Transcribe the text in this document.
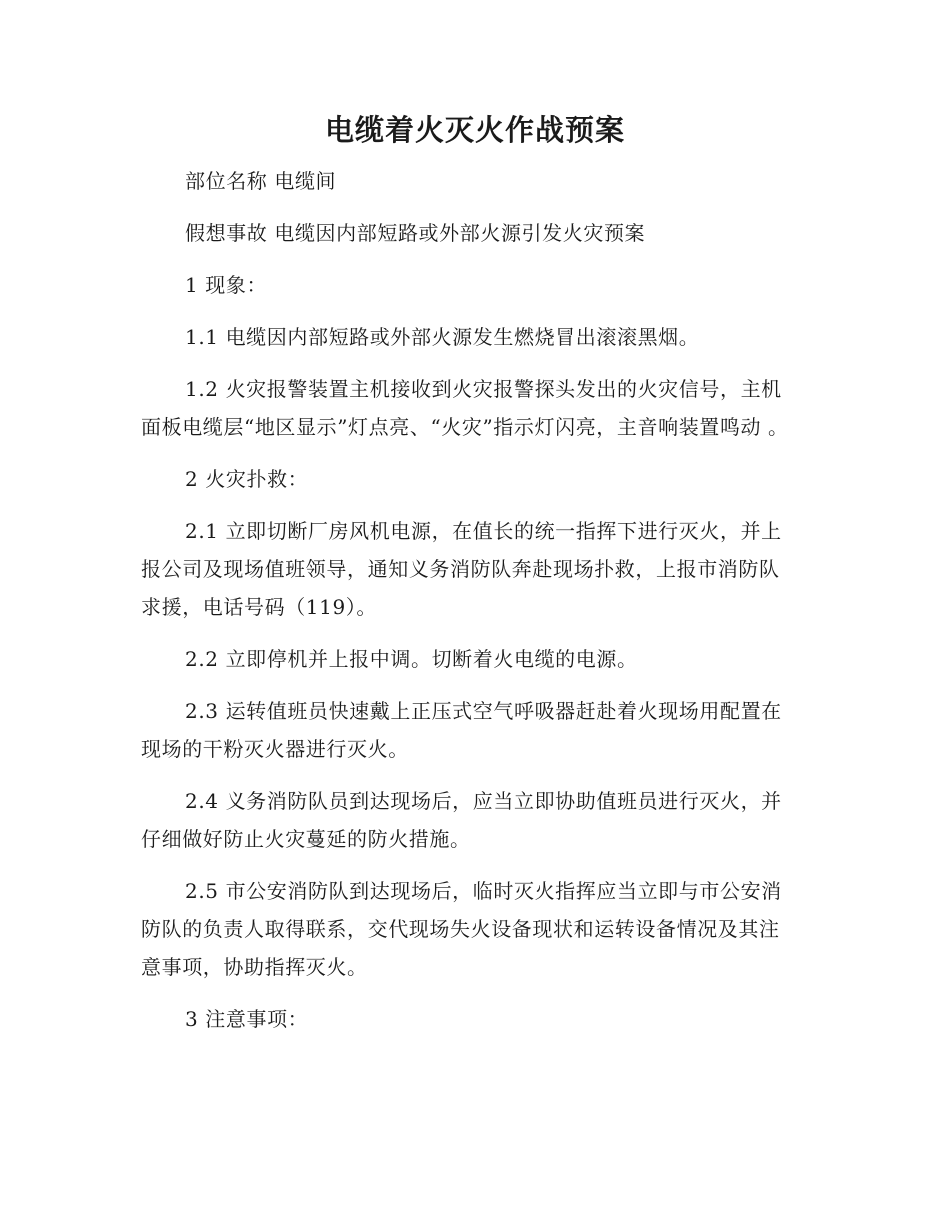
电缆着火灭火作战预案

部位名称 电缆间

假想事故 电缆因内部短路或外部火源引发火灾预案

1 现象：

1.1 电缆因内部短路或外部火源发生燃烧冒出滚滚黑烟。

1.2 火灾报警装置主机接收到火灾报警探头发出的火灾信号，主机面板电缆层“地区显示”灯点亮、“火灾”指示灯闪亮，主音响装置鸣动 。

2 火灾扑救：

2.1 立即切断厂房风机电源，在值长的统一指挥下进行灭火，并上报公司及现场值班领导，通知义务消防队奔赴现场扑救，上报市消防队求援，电话号码（119）。

2.2 立即停机并上报中调。切断着火电缆的电源。

2.3 运转值班员快速戴上正压式空气呼吸器赶赴着火现场用配置在现场的干粉灭火器进行灭火。

2.4 义务消防队员到达现场后，应当立即协助值班员进行灭火，并仔细做好防止火灾蔓延的防火措施。

2.5 市公安消防队到达现场后，临时灭火指挥应当立即与市公安消防队的负责人取得联系，交代现场失火设备现状和运转设备情况及其注意事项，协助指挥灭火。

3 注意事项：
